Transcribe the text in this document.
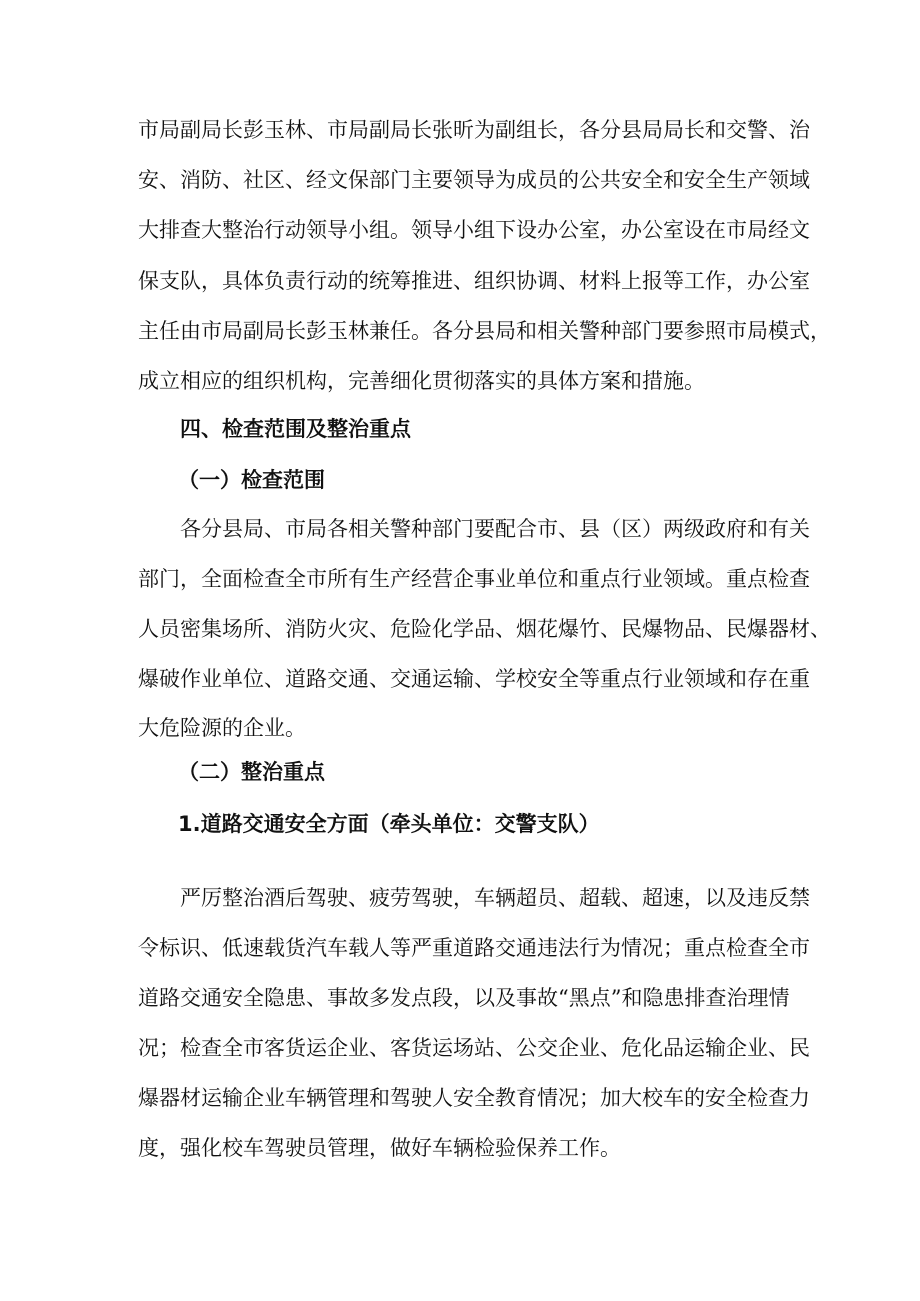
市 局 副 局 长 彭 玉 林 、 市 局 副 局 长 张 昕 为 副 组 长 ， 各 分 县 局 局 长 和 交 警 、 治
安 、 消 防 、 社 区 、 经 文 保 部 门 主 要 领 导 为 成 员 的 公 共 安 全 和 安 全 生 产 领 域
大 排 查 大 整 治 行 动 领 导 小 组 。 领 导 小 组 下 设 办 公 室 ， 办 公 室 设 在 市 局 经 文
保 支 队 ， 具 体 负 责 行 动 的 统 筹 推 进 、 组 织 协 调 、 材 料 上 报 等 工 作 ， 办 公 室
主 任 由 市 局 副 局 长 彭 玉 林 兼 任 。 各 分 县 局 和 相 关 警 种 部 门 要 参 照 市 局 模 式 ，
成立相应的组织机构，完善细化贯彻落实的具体方案和措施。
四、检查范围及整治重点
（一）检查范围
各 分 县 局 、 市 局 各 相 关 警 种 部 门 要 配 合 市 、 县 （ 区 ） 两 级 政 府 和 有 关
部 门 ， 全 面 检 查 全 市 所 有 生 产 经 营 企 事 业 单 位 和 重 点 行 业 领 域 。 重 点 检 查
人 员 密 集 场 所 、 消 防 火 灾 、 危 险 化 学 品 、 烟 花 爆 竹 、 民 爆 物 品 、 民 爆 器 材 、
爆 破 作 业 单 位 、 道 路 交 通 、 交 通 运 输 、 学 校 安 全 等 重 点 行 业 领 域 和 存 在 重
大危险源的企业。
（二）整治重点
1.道路交通安全方面（牵头单位：交警支队）
严 厉 整 治 酒 后 驾 驶 、 疲 劳 驾 驶 ， 车 辆 超 员 、 超 载 、 超 速 ， 以 及 违 反 禁
令 标 识 、 低 速 载 货 汽 车 载 人 等 严 重 道 路 交 通 违 法 行 为 情 况 ； 重 点 检 查 全 市
道 路 交 通 安 全 隐 患 、 事 故 多 发 点 段 ， 以 及 事 故 “ 黑 点 ” 和 隐 患 排 查 治 理 情
况 ； 检 查 全 市 客 货 运 企 业 、 客 货 运 场 站 、 公 交 企 业 、 危 化 品 运 输 企 业 、 民
爆 器 材 运 输 企 业 车 辆 管 理 和 驾 驶 人 安 全 教 育 情 况 ； 加 大 校 车 的 安 全 检 查 力
度，强化校车驾驶员管理，做好车辆检验保养工作。
